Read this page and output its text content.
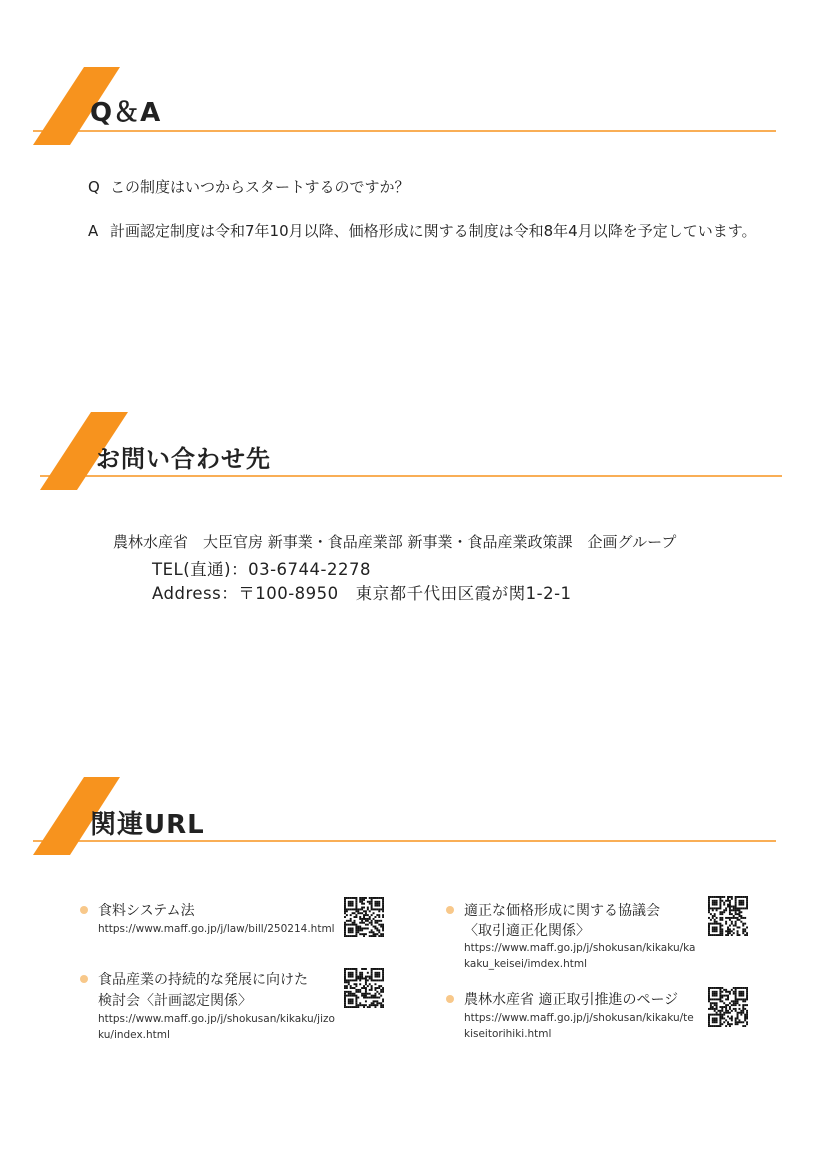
Q＆A
Q この制度はいつからスタートするのですか？
A 計画認定制度は令和7年10月以降、価格形成に関する制度は令和8年4月以降を予定しています。
お問い合わせ先
農林水産省　大臣官房 新事業・食品産業部 新事業・食品産業政策課　企画グループ
TEL(直通)：03-6744-2278
Address：〒100-8950　東京都千代田区霞が関1-2-1
関連URL
食料システム法
https://www.maff.go.jp/j/law/bill/250214.html
食品産業の持続的な発展に向けた
検討会〈計画認定関係〉
https://www.maff.go.jp/j/shokusan/kikaku/jizo
ku/index.html
適正な価格形成に関する協議会
〈取引適正化関係〉
https://www.maff.go.jp/j/shokusan/kikaku/ka
kaku_keisei/imdex.html
農林水産省 適正取引推進のページ
https://www.maff.go.jp/j/shokusan/kikaku/te
kiseitorihiki.html
